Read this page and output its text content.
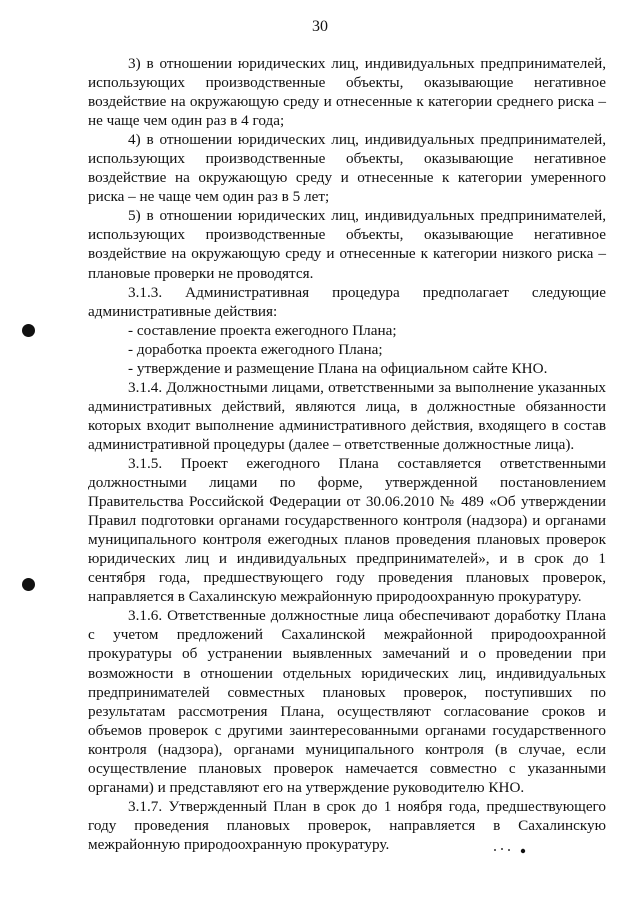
30

3) в отношении юридических лиц, индивидуальных предпринимателей, использующих производственные объекты, оказывающие негативное воздействие на окружающую среду и отнесенные к категории среднего риска – не чаще чем один раз в 4 года;

4) в отношении юридических лиц, индивидуальных предпринимателей, использующих производственные объекты, оказывающие негативное воздействие на окружающую среду и отнесенные к категории умеренного риска – не чаще чем один раз в 5 лет;

5) в отношении юридических лиц, индивидуальных предпринимателей, использующих производственные объекты, оказывающие негативное воздействие на окружающую среду и отнесенные к категории низкого риска – плановые проверки не проводятся.

3.1.3. Административная процедура предполагает следующие административные действия:

- составление проекта ежегодного Плана;

- доработка проекта ежегодного Плана;

- утверждение и размещение Плана на официальном сайте КНО.

3.1.4. Должностными лицами, ответственными за выполнение указанных административных действий, являются лица, в должностные обязанности которых входит выполнение административного действия, входящего в состав административной процедуры (далее – ответственные должностные лица).

3.1.5. Проект ежегодного Плана составляется ответственными должностными лицами по форме, утвержденной постановлением Правительства Российской Федерации от 30.06.2010 № 489 «Об утверждении Правил подготовки органами государственного контроля (надзора) и органами муниципального контроля ежегодных планов проведения плановых проверок юридических лиц и индивидуальных предпринимателей», и в срок до 1 сентября года, предшествующего году проведения плановых проверок, направляется в Сахалинскую межрайонную природоохранную прокуратуру.

3.1.6. Ответственные должностные лица обеспечивают доработку Плана с учетом предложений Сахалинской межрайонной природоохранной прокуратуры об устранении выявленных замечаний и о проведении при возможности в отношении отдельных юридических лиц, индивидуальных предпринимателей совместных плановых проверок, поступивших по результатам рассмотрения Плана, осуществляют согласование сроков и объемов проверок с другими заинтересованными органами государственного контроля (надзора), органами муниципального контроля (в случае, если осуществление плановых проверок намечается совместно с указанными органами) и представляют его на утверждение руководителю КНО.

3.1.7. Утвержденный План в срок до 1 ноября года, предшествующего году проведения плановых проверок, направляется в Сахалинскую межрайонную природоохранную прокуратуру.
